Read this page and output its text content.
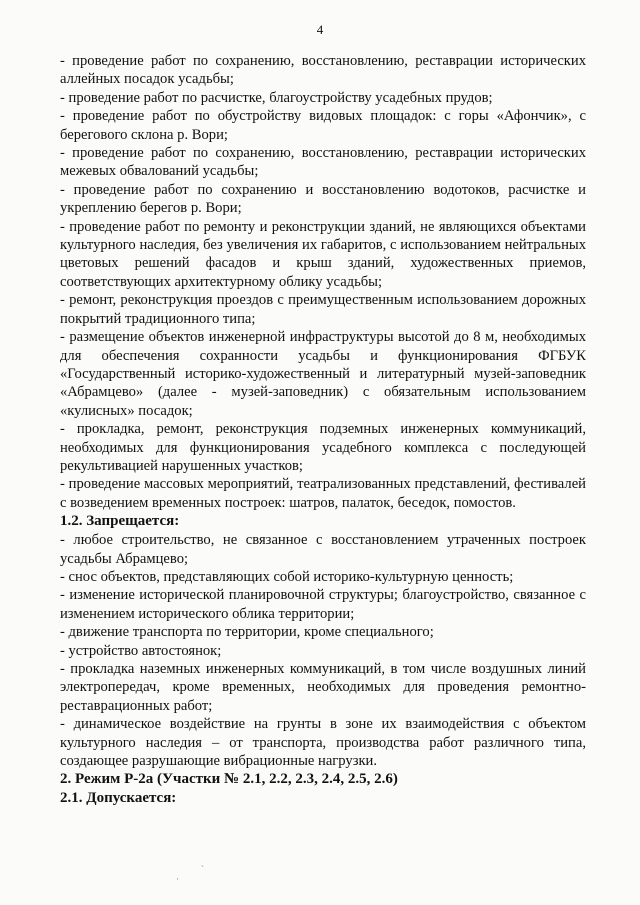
4

- проведение работ по сохранению, восстановлению, реставрации исторических аллейных посадок усадьбы;

- проведение работ по расчистке, благоустройству усадебных прудов;

- проведение работ по обустройству видовых площадок: с горы «Афончик», с берегового склона р. Вори;

- проведение работ по сохранению, восстановлению, реставрации исторических межевых обвалований усадьбы;

- проведение работ по сохранению и восстановлению водотоков, расчистке и укреплению берегов р. Вори;

- проведение работ по ремонту и реконструкции зданий, не являющихся объектами культурного наследия, без увеличения их габаритов, с использованием нейтральных цветовых решений фасадов и крыш зданий, художественных приемов, соответствующих архитектурному облику усадьбы;

- ремонт, реконструкция проездов с преимущественным использованием дорожных покрытий традиционного типа;

- размещение объектов инженерной инфраструктуры высотой до 8 м, необходимых для обеспечения сохранности усадьбы и функционирования ФГБУК «Государственный историко-художественный и литературный музей-заповедник «Абрамцево» (далее - музей-заповедник) с обязательным использованием «кулисных» посадок;

- прокладка, ремонт, реконструкция подземных инженерных коммуникаций, необходимых для функционирования усадебного комплекса с последующей рекультивацией нарушенных участков;

- проведение массовых мероприятий, театрализованных представлений, фестивалей с возведением временных построек: шатров, палаток, беседок, помостов.

1.2. Запрещается:

- любое строительство, не связанное с восстановлением утраченных построек усадьбы Абрамцево;

- снос объектов, представляющих собой историко-культурную ценность;

- изменение исторической планировочной структуры; благоустройство, связанное с изменением исторического облика территории;

- движение транспорта по территории, кроме специального;

- устройство автостоянок;

- прокладка наземных инженерных коммуникаций, в том числе воздушных линий электропередач, кроме временных, необходимых для проведения ремонтно-реставрационных работ;

- динамическое воздействие на грунты в зоне их взаимодействия с объектом культурного наследия – от транспорта, производства работ различного типа, создающее разрушающие вибрационные нагрузки.

2. Режим Р-2а (Участки № 2.1, 2.2, 2.3, 2.4, 2.5, 2.6)

2.1. Допускается:

·
ˋ
